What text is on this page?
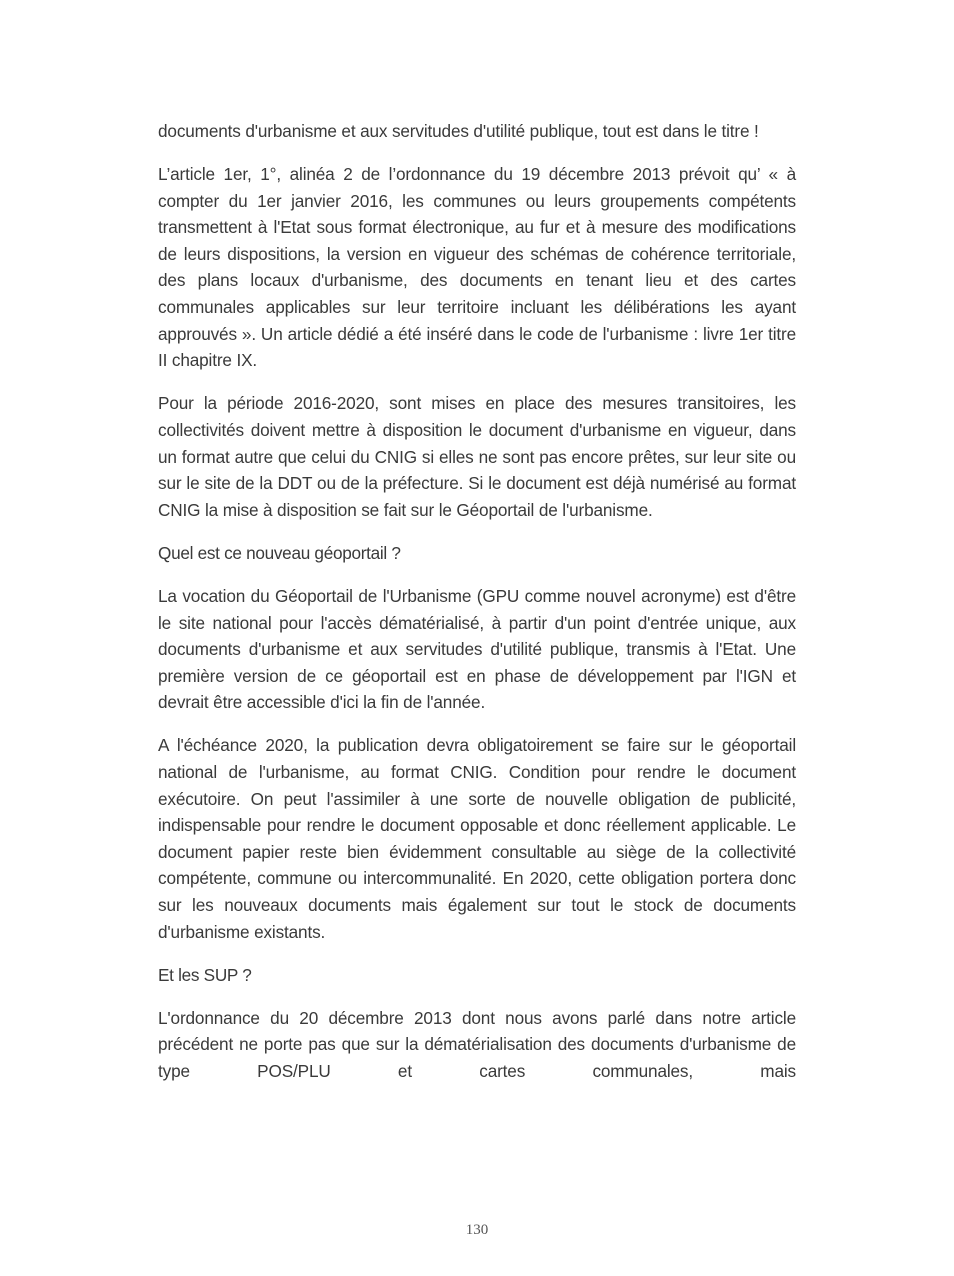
documents d'urbanisme et aux servitudes d'utilité publique, tout est dans le titre !

L’article 1er, 1°, alinéa 2 de l’ordonnance du 19 décembre 2013 prévoit qu’ « à compter du 1er janvier 2016, les communes ou leurs groupements compétents transmettent à l'Etat sous format électronique, au fur et à mesure des modifications de leurs dispositions, la version en vigueur des schémas de cohérence territoriale, des plans locaux d'urbanisme, des documents en tenant lieu et des cartes communales applicables sur leur territoire incluant les délibérations les ayant approuvés ». Un article dédié a été inséré dans le code de l'urbanisme : livre 1er titre II chapitre IX.

Pour la période 2016-2020, sont mises en place des mesures transitoires, les collectivités doivent mettre à disposition le document d'urbanisme en vigueur, dans un format autre que celui du CNIG si elles ne sont pas encore prêtes, sur leur site ou sur le site de la DDT ou de la préfecture. Si le document est déjà numérisé au format CNIG la mise à disposition se fait sur le Géoportail de l'urbanisme.

Quel est ce nouveau géoportail ?

La vocation du Géoportail de l'Urbanisme (GPU comme nouvel acronyme) est d'être le site national pour l'accès dématérialisé, à partir d'un point d'entrée unique, aux documents d'urbanisme et aux servitudes d'utilité publique, transmis à l'Etat. Une première version de ce géoportail est en phase de développement par l'IGN et devrait être accessible d'ici la fin de l'année.

A l'échéance 2020, la publication devra obligatoirement se faire sur le géoportail national de l'urbanisme, au format CNIG. Condition pour rendre le document exécutoire. On peut l'assimiler à une sorte de nouvelle obligation de publicité, indispensable pour rendre le document opposable et donc réellement applicable. Le document papier reste bien évidemment consultable au siège de la collectivité compétente, commune ou intercommunalité. En 2020, cette obligation portera donc sur les nouveaux documents mais également sur tout le stock de documents d'urbanisme existants.

Et les SUP ?

L'ordonnance du 20 décembre 2013 dont nous avons parlé dans notre article précédent ne porte pas que sur la dématérialisation des documents d'urbanisme de type POS/PLU et cartes communales, mais

130
